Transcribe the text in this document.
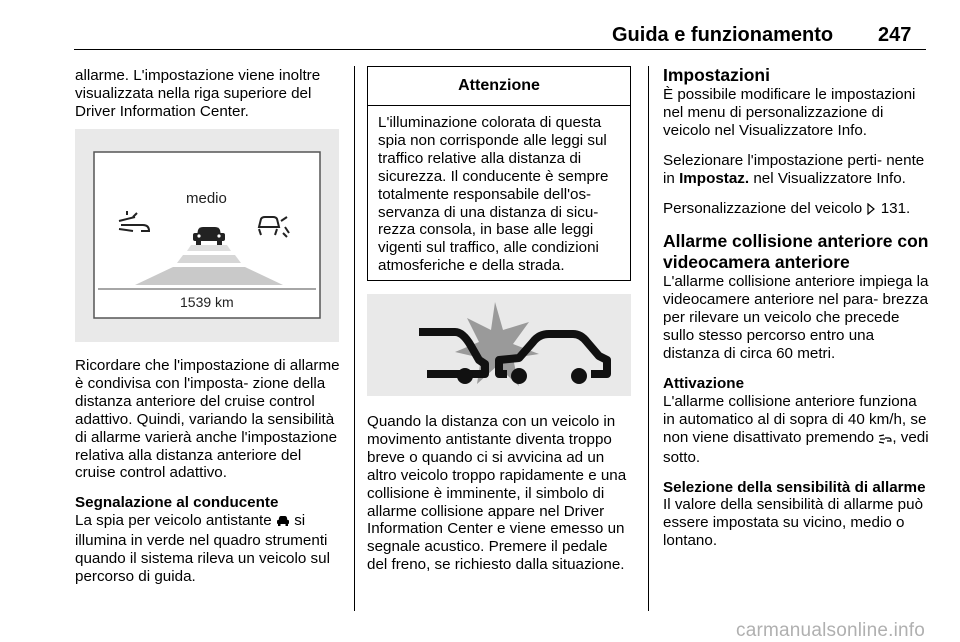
Guida e funzionamento 247

allarme. L'impostazione viene inoltre visualizzata nella riga superiore del Driver Information Center.

medio
1539 km

Ricordare che l'impostazione di allarme è condivisa con l'imposta- zione della distanza anteriore del cruise control adattivo. Quindi, variando la sensibilità di allarme varierà anche l'impostazione relativa alla distanza anteriore del cruise control adattivo.

Segnalazione al conducente

La spia per veicolo antistante si illumina in verde nel quadro strumenti quando il sistema rileva un veicolo sul percorso di guida.

Attenzione
L'illuminazione colorata di questa spia non corrisponde alle leggi sul traffico relative alla distanza di sicurezza. Il conducente è sempre totalmente responsabile dell'os- servanza di una distanza di sicu- rezza consola, in base alle leggi vigenti sul traffico, alle condizioni atmosferiche e della strada.

Quando la distanza con un veicolo in movimento antistante diventa troppo breve o quando ci si avvicina ad un altro veicolo troppo rapidamente e una collisione è imminente, il simbolo di allarme collisione appare nel Driver Information Center e viene emesso un segnale acustico. Premere il pedale del freno, se richiesto dalla situazione.

Impostazioni

È possibile modificare le impostazioni nel menu di personalizzazione di veicolo nel Visualizzatore Info.

Selezionare l'impostazione perti- nente in Impostaz. nel Visualizzatore Info.

Personalizzazione del veicolo 131.

Allarme collisione anteriore con videocamera anteriore

L'allarme collisione anteriore impiega la videocamere anteriore nel para- brezza per rilevare un veicolo che precede sullo stesso percorso entro una distanza di circa 60 metri.

Attivazione

L'allarme collisione anteriore funziona in automatico al di sopra di 40 km/h, se non viene disattivato premendo , vedi sotto.

Selezione della sensibilità di allarme

Il valore della sensibilità di allarme può essere impostata su vicino, medio o lontano.

carmanualsonline.info
